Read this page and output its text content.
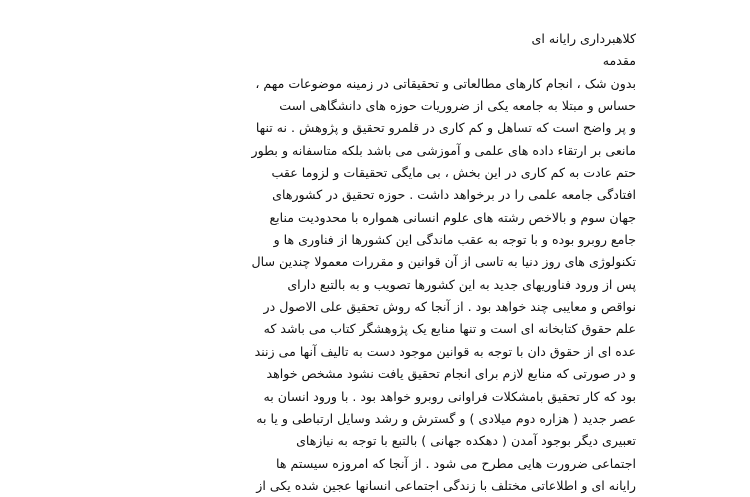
کلاهبرداری رایانه ای
مقدمه
بدون شک ، انجام کارهای مطالعاتی و تحقیقاتی در زمینه موضوعات مهم ،
حساس و مبتلا به جامعه یکی از ضروریات حوزه های دانشگاهی است
و پر واضح است که تساهل و کم کاری در قلمرو تحقیق و پژوهش . نه تنها
مانعی بر ارتقاء داده های علمی و آموزشی می باشد بلکه متاسفانه و بطور
حتم عادت به کم کاری در این بخش ، بی مایگی تحقیقات و لزوما عقب
افتادگی جامعه علمی را در برخواهد داشت . حوزه تحقیق در کشورهای
جهان سوم و بالاخص رشته های علوم انسانی همواره با محدودیت منابع
جامع روبرو بوده و با توجه به عقب ماندگی این کشورها از فناوری ها و
تکنولوژی های روز دنیا به تاسی از آن قوانین و مقررات معمولا چندین سال
پس از ورود فناوریهای جدید به این کشورها تصویب و به بالتبع دارای
نواقص و معایبی چند خواهد بود . از آنجا که روش تحقیق علی الاصول در
علم حقوق کتابخانه ای است و تنها منابع یک پژوهشگر کتاب می باشد که
عده ای از حقوق دان با توجه به قوانین موجود دست به تالیف آنها می زنند
و در صورتی که منابع لازم برای انجام تحقیق یافت نشود مشخص خواهد
بود که کار تحقیق بامشکلات فراوانی روبرو خواهد بود . با ورود انسان به
عصر جدید ( هزاره دوم میلادی ) و گسترش و رشد وسایل ارتباطی و یا به
تعبیری دیگر بوجود آمدن ( دهکده جهانی ) بالتبع با توجه به نیازهای
اجتماعی ضرورت هایی مطرح می شود . از آنجا که امروزه سیستم ها
رایانه ای و اطلاعاتی مختلف با زندگی اجتماعی انسانها عجین شده یکی از
